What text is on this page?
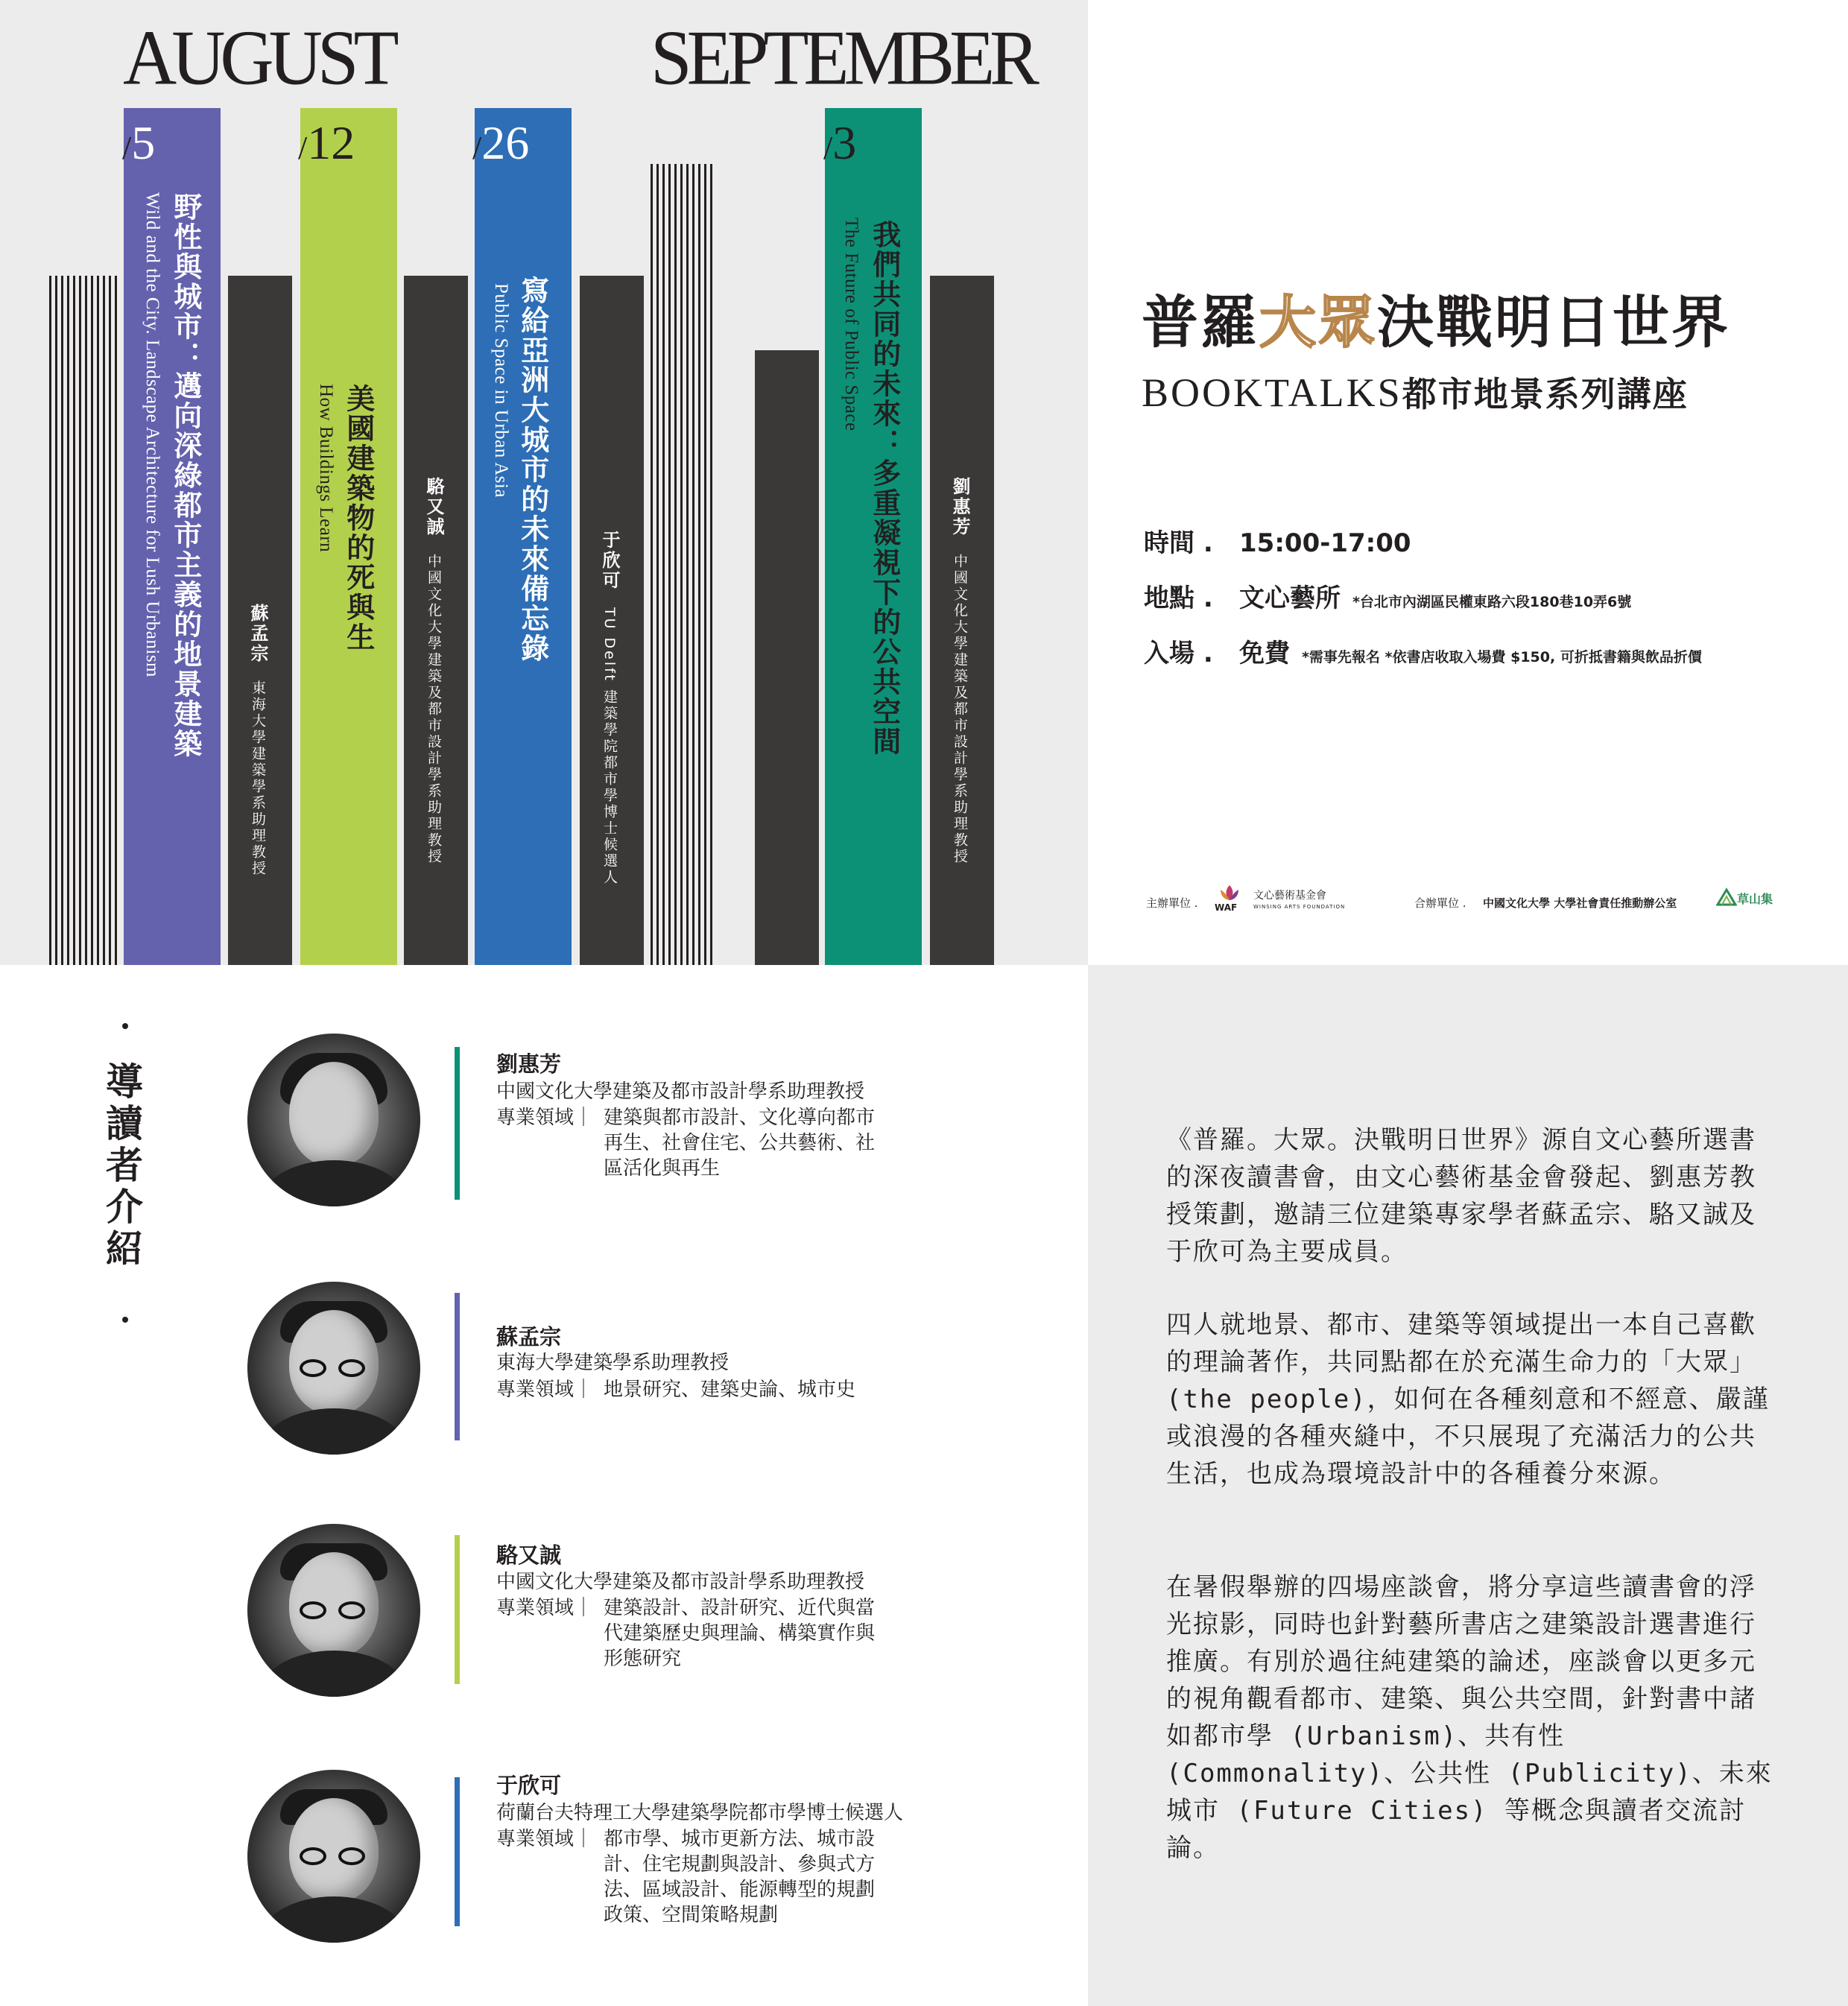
AUGUST	SEPTEMBER
/5	/12	/26	/3
野性與城市：邁向深綠都市主義的地景建築
Wild and the City. Landscape Architecture for Lush Urbanism	蘇孟宗東海大學建築學系助理教授
美國建築物的死與生
How Buildings Learn	駱又誠中國文化大學建築及都市設計學系助理教授
寫給亞洲大城市的未來備忘錄
Public Space in Urban Asia
于欣可TU Delft 建築學院都市學博士候選人	我們共同的未來：多重凝視下的公共空間
The Future of Public Space
劉惠芳中國文化大學建築及都市設計學系助理教授
普羅大眾決戰明日世界
BOOKTALKS都市地景系列講座
時間 . 15:00-17:00
地點 . 文心藝所 *台北市內湖區民權東路六段180巷10弄6號
入場 . 免費 *需事先報名 *依書店收取入場費 $150, 可折抵書籍與飲品折價
主辦單位 . WAF
文心藝術基金會
WINSING ARTS FOUNDATION	合辦單位 . 中國文化大學 大學社會責任推動辦公室	草山集
導讀者介紹	劉惠芳
中國文化大學建築及都市設計學系助理教授
專業領域｜ 建築與都市設計、文化導向都市
再生、社會住宅、公共藝術、社
區活化與再生
蘇孟宗
東海大學建築學系助理教授
專業領域｜ 地景研究、建築史論、城市史
駱又誠
中國文化大學建築及都市設計學系助理教授
專業領域｜ 建築設計、設計研究、近代與當
代建築歷史與理論、構築實作與
形態研究
于欣可
荷蘭台夫特理工大學建築學院都市學博士候選人
專業領域｜ 都市學、城市更新方法、城市設
計、住宅規劃與設計、參與式方
法、區域設計、能源轉型的規劃
政策、空間策略規劃
《普羅。大眾。決戰明日世界》源自文心藝所選書的深夜讀書會，由文心藝術基金會發起、劉惠芳教授策劃，邀請三位建築專家學者蘇孟宗、駱又誠及于欣可為主要成員。
四人就地景、都市、建築等領域提出一本自己喜歡的理論著作，共同點都在於充滿生命力的「大眾」(the people)，如何在各種刻意和不經意、嚴謹或浪漫的各種夾縫中，不只展現了充滿活力的公共生活，也成為環境設計中的各種養分來源。
在暑假舉辦的四場座談會，將分享這些讀書會的浮光掠影，同時也針對藝所書店之建築設計選書進行推廣。有別於過往純建築的論述，座談會以更多元的視角觀看都市、建築、與公共空間，針對書中諸如都市學 (Urbanism)、共有性 (Commonality)、公共性 (Publicity)、未來城市 (Future Cities) 等概念與讀者交流討論。
